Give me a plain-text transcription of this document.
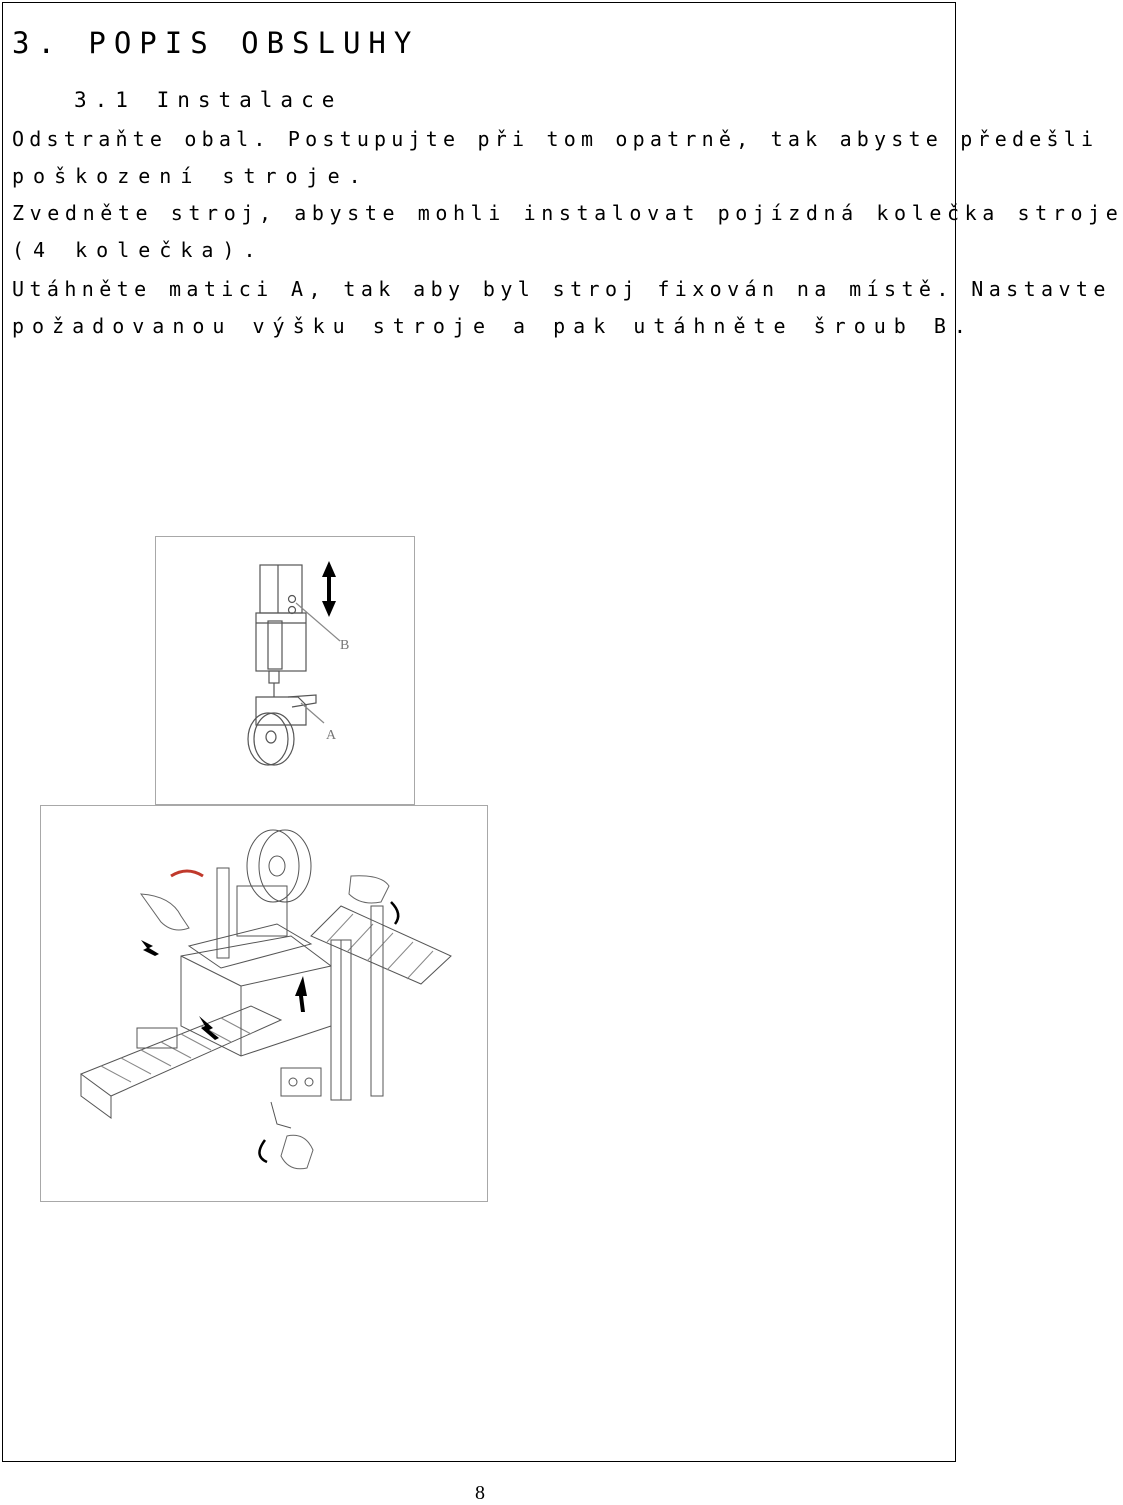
3. POPIS OBSLUHY
3.1 Instalace
Odstraňte obal. Postupujte při tom opatrně, tak abyste předešli
poškození stroje.
Zvedněte stroj, abyste mohli instalovat pojízdná kolečka stroje
(4 kolečka).
Utáhněte matici A, tak aby byl stroj fixován na místě. Nastavte
požadovanou výšku stroje a pak utáhněte šroub B.
B
A
8
